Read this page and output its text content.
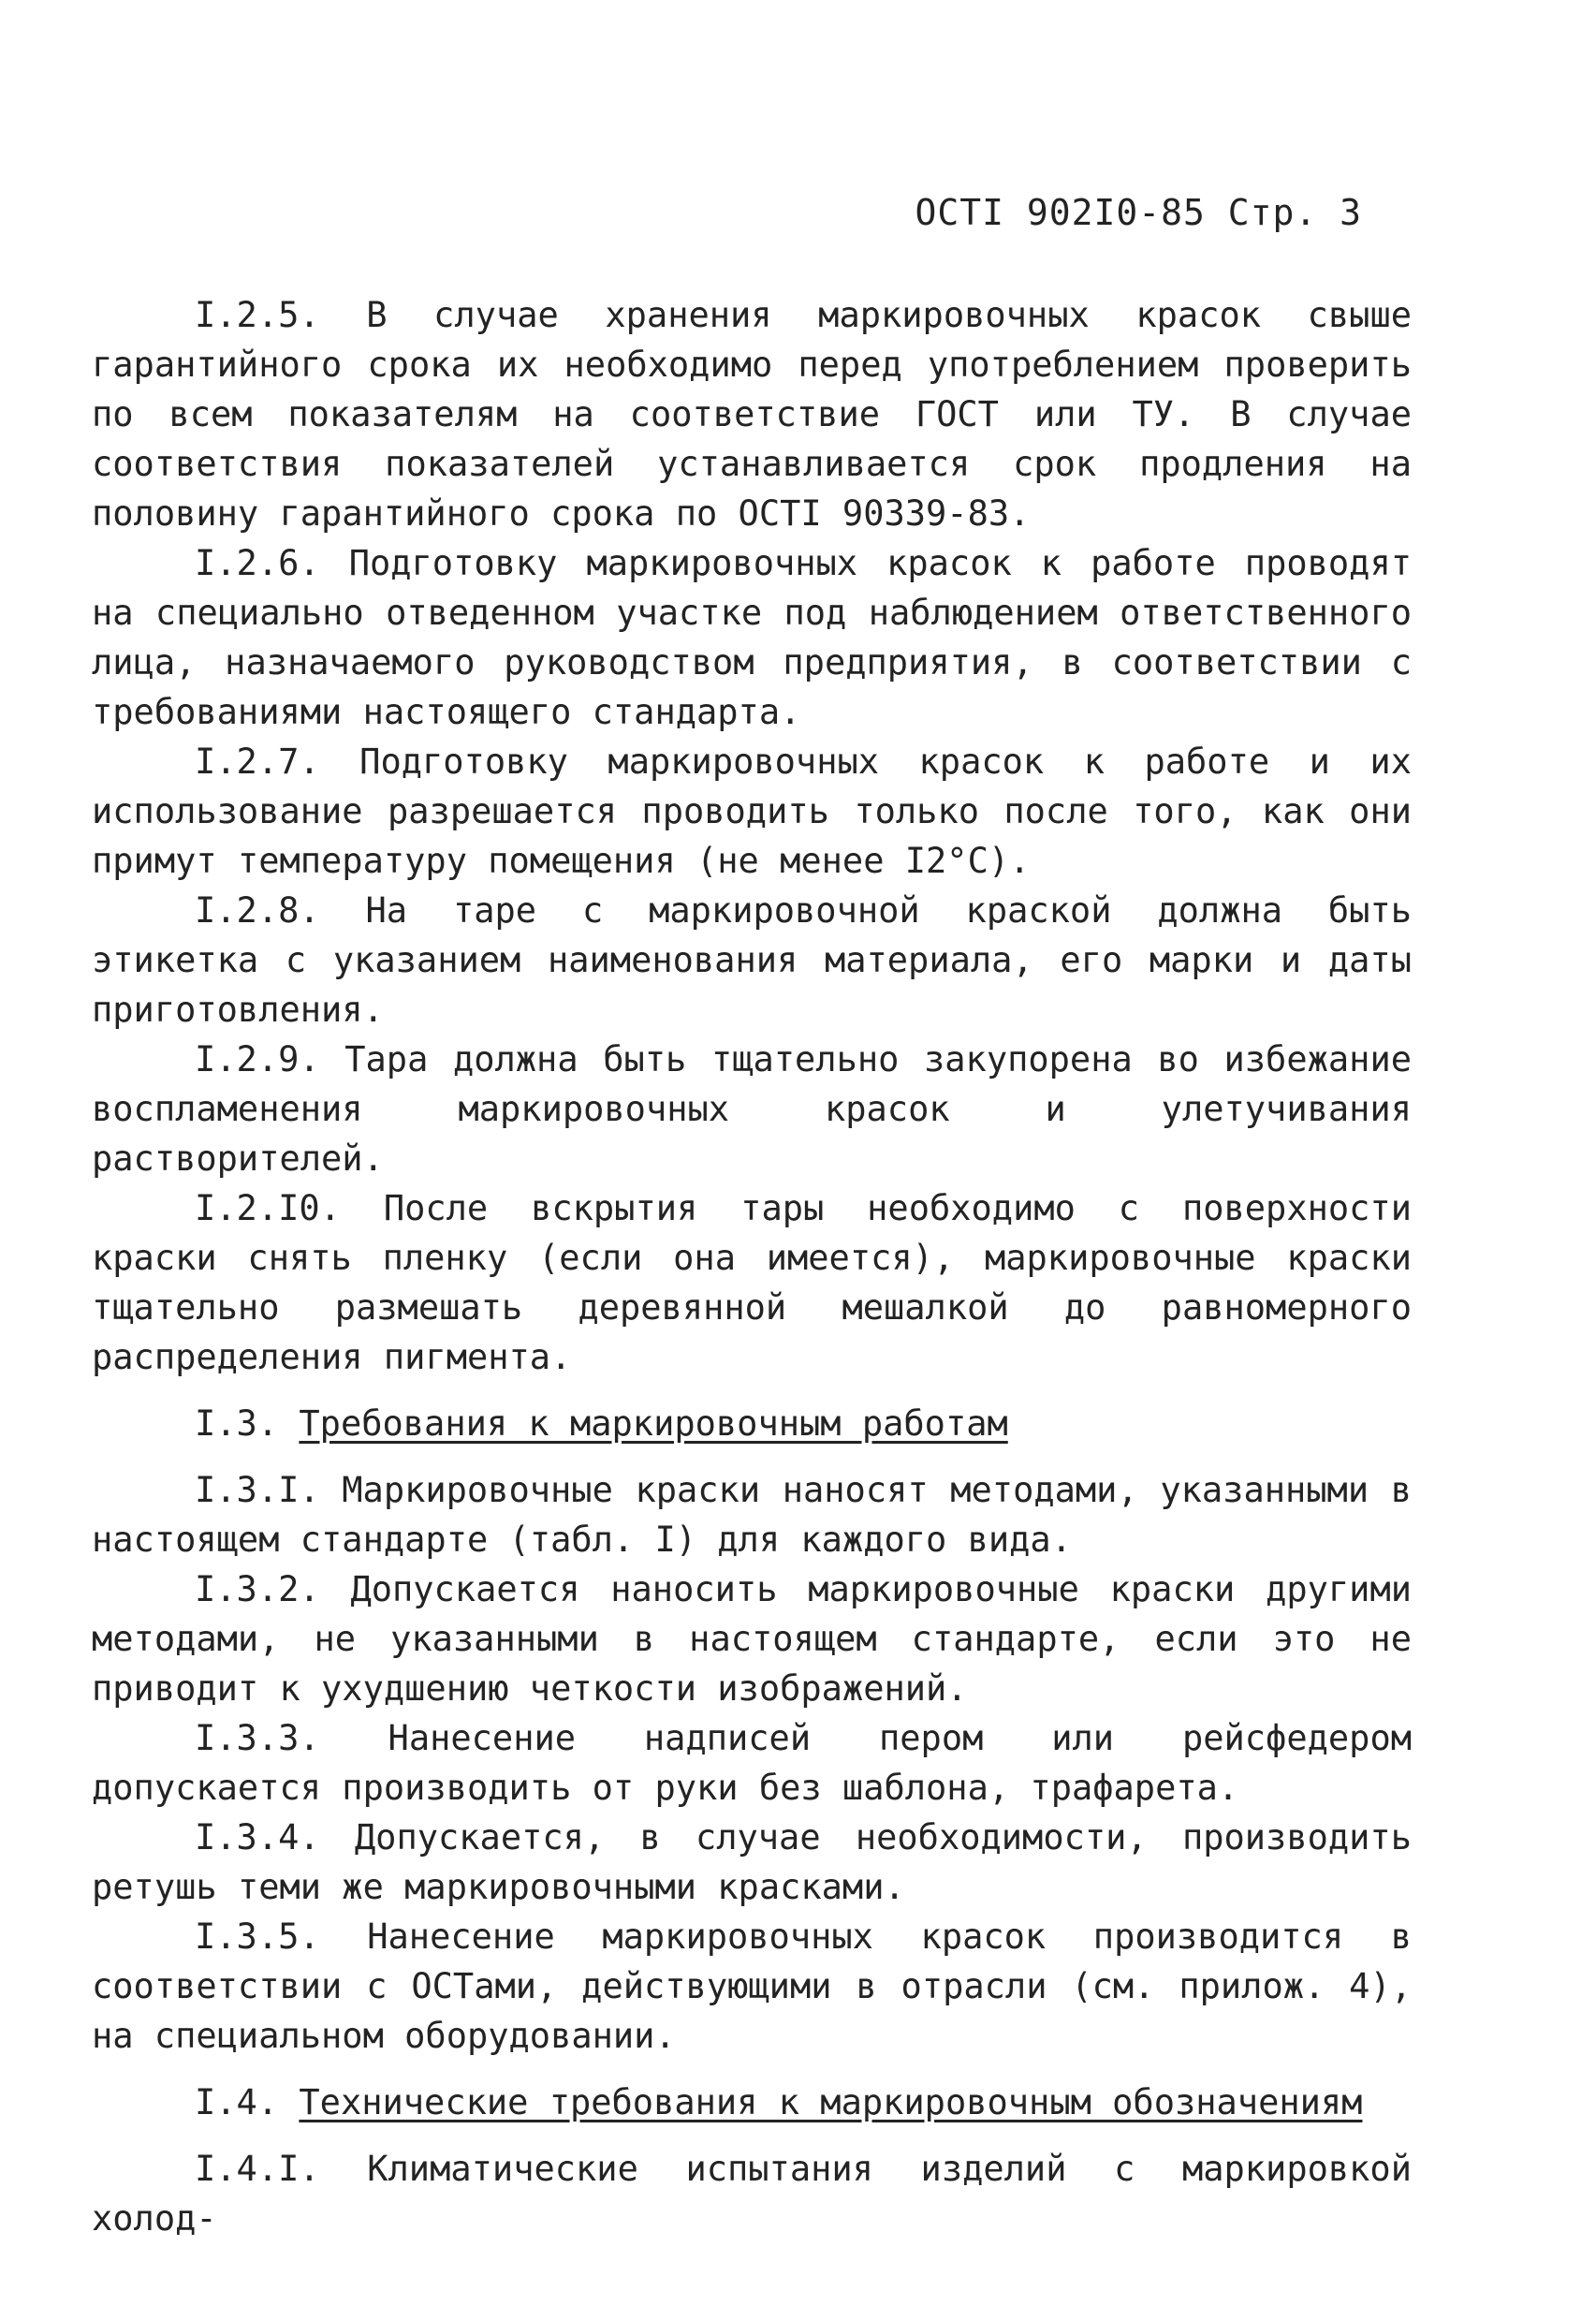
ОСТI 902I0-85 Стр. 3

I.2.5. В случае хранения маркировочных красок свыше гарантийного срока их необходимо перед употреблением проверить по всем показателям на соответствие ГОСТ или ТУ. В случае соответствия показателей устанавливается срок продления на половину гарантийного срока по ОСТI 90339-83.

I.2.6. Подготовку маркировочных красок к работе проводят на специально отведенном участке под наблюдением ответственного лица, назначаемого руководством предприятия, в соответствии с требованиями настоящего стандарта.

I.2.7. Подготовку маркировочных красок к работе и их использование разрешается проводить только после того, как они примут температуру помещения (не менее I2°С).

I.2.8. На таре с маркировочной краской должна быть этикетка с указанием наименования материала, его марки и даты приготовления.

I.2.9. Тара должна быть тщательно закупорена во избежание воспламенения маркировочных красок и улетучивания растворителей.

I.2.I0. После вскрытия тары необходимо с поверхности краски снять пленку (если она имеется), маркировочные краски тщательно размешать деревянной мешалкой до равномерного распределения пигмента.

I.3. Требования к маркировочным работам

I.3.I. Маркировочные краски наносят методами, указанными в настоящем стандарте (табл. I) для каждого вида.

I.3.2. Допускается наносить маркировочные краски другими методами, не указанными в настоящем стандарте, если это не приводит к ухудшению четкости изображений.

I.3.3. Нанесение надписей пером или рейсфедером допускается производить от руки без шаблона, трафарета.

I.3.4. Допускается, в случае необходимости, производить ретушь теми же маркировочными красками.

I.3.5. Нанесение маркировочных красок производится в соответствии с ОСТами, действующими в отрасли (см. прилож. 4), на специальном оборудовании.

I.4. Технические требования к маркировочным обозначениям

I.4.I. Климатические испытания изделий с маркировкой холод-
